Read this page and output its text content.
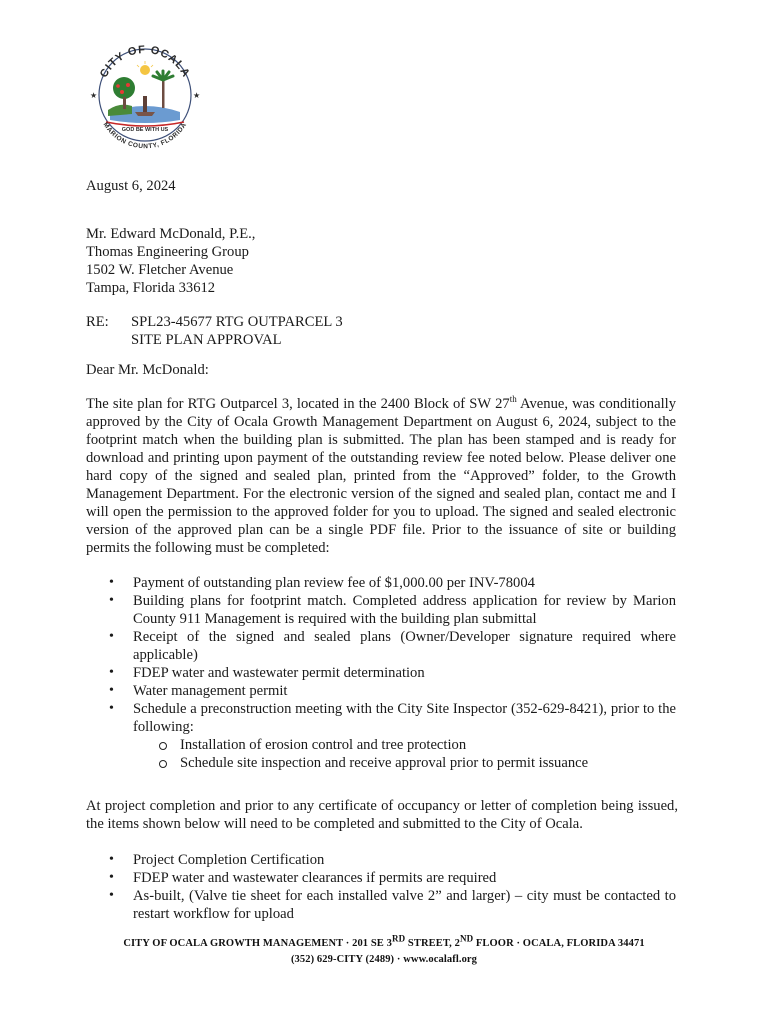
CITY OF OCALA
GOD BE WITH US
MARION COUNTY, FLORIDA
★	★
August 6, 2024
Mr. Edward McDonald, P.E.,
Thomas Engineering Group
1502 W. Fletcher Avenue
Tampa, Florida 33612
RE: SPL23-45677 RTG OUTPARCEL 3
SITE PLAN APPROVAL
Dear Mr. McDonald:
The site plan for RTG Outparcel 3, located in the 2400 Block of SW 27th Avenue, was conditionally approved by the City of Ocala Growth Management Department on August 6, 2024, subject to the footprint match when the building plan is submitted. The plan has been stamped and is ready for download and printing upon payment of the outstanding review fee noted below. Please deliver one hard copy of the signed and sealed plan, printed from the “Approved” folder, to the Growth Management Department. For the electronic version of the signed and sealed plan, contact me and I will open the permission to the approved folder for you to upload. The signed and sealed electronic version of the approved plan can be a single PDF file. Prior to the issuance of site or building permits the following must be completed:
• Payment of outstanding plan review fee of $1,000.00 per INV-78004
• Building plans for footprint match. Completed address application for review by Marion County 911 Management is required with the building plan submittal
• Receipt of the signed and sealed plans (Owner/Developer signature required where applicable)
• FDEP water and wastewater permit determination
• Water management permit
• Schedule a preconstruction meeting with the City Site Inspector (352-629-8421), prior to the following:
Installation of erosion control and tree protection
Schedule site inspection and receive approval prior to permit issuance
At project completion and prior to any certificate of occupancy or letter of completion being issued, the items shown below will need to be completed and submitted to the City of Ocala.
• Project Completion Certification
• FDEP water and wastewater clearances if permits are required
• As-built, (Valve tie sheet for each installed valve 2” and larger) – city must be contacted to restart workflow for upload
CITY OF OCALA GROWTH MANAGEMENT · 201 SE 3RD STREET, 2ND FLOOR · OCALA, FLORIDA 34471
(352) 629-CITY (2489) · www.ocalafl.org
